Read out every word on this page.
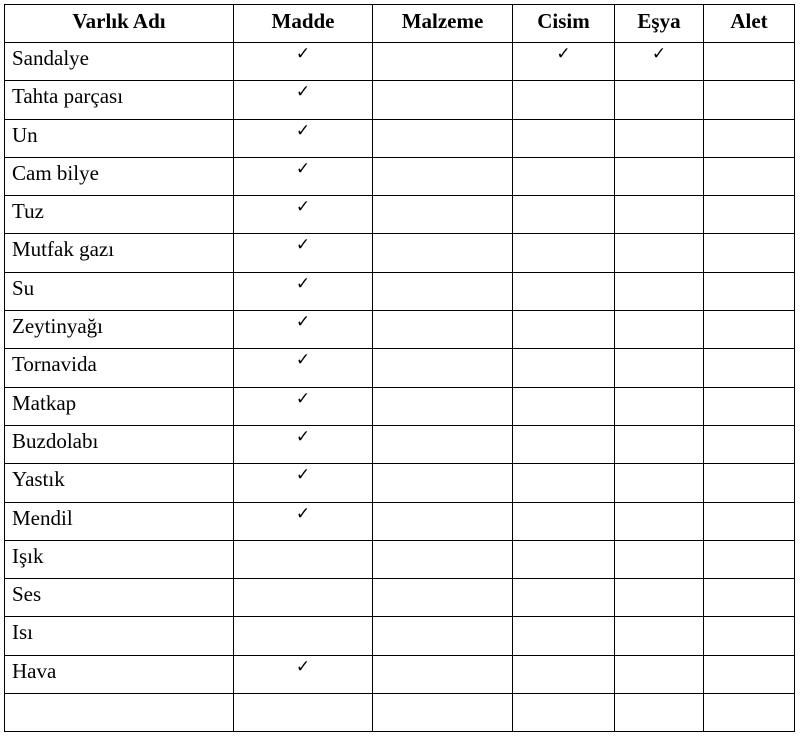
Varlık Adı	Madde	Malzeme	Cisim	Eşya	Alet
Sandalye	✓		✓	✓	
Tahta parçası	✓				
Un	✓				
Cam bilye	✓				
Tuz	✓				
Mutfak gazı	✓				
Su	✓				
Zeytinyağı	✓				
Tornavida	✓				
Matkap	✓				
Buzdolabı	✓				
Yastık	✓				
Mendil	✓				
Işık					
Ses					
Isı					
Hava	✓				
